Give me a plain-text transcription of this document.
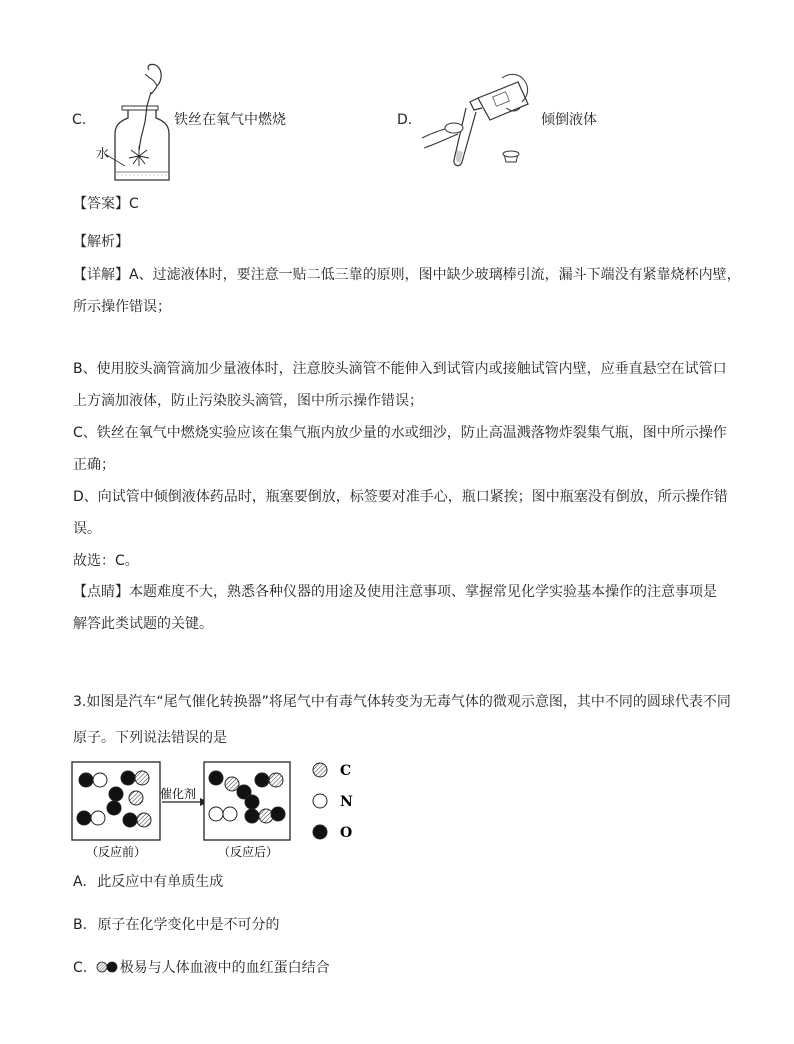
C.
水
铁丝在氧气中燃烧	D.	倾倒液体
【答案】C
【解析】
【详解】A、过滤液体时，要注意一贴二低三靠的原则，图中缺少玻璃棒引流，漏斗下端没有紧靠烧杯内壁，
所示操作错误；
B、使用胶头滴管滴加少量液体时，注意胶头滴管不能伸入到试管内或接触试管内壁，应垂直悬空在试管口
上方滴加液体，防止污染胶头滴管，图中所示操作错误；
C、铁丝在氧气中燃烧实验应该在集气瓶内放少量的水或细沙，防止高温溅落物炸裂集气瓶，图中所示操作
正确；
D、向试管中倾倒液体药品时，瓶塞要倒放，标签要对准手心，瓶口紧挨；图中瓶塞没有倒放，所示操作错
误。
故选：C。
【点睛】本题难度不大，熟悉各种仪器的用途及使用注意事项、掌握常见化学实验基本操作的注意事项是
解答此类试题的关键。
3.如图是汽车“尾气催化转换器”将尾气中有毒气体转变为无毒气体的微观示意图，其中不同的圆球代表不同
原子。下列说法错误的是
C
N
O
催化剂
（反应前）	（反应后）
A. 此反应中有单质生成
B. 原子在化学变化中是不可分的
C. 极易与人体血液中的血红蛋白结合
